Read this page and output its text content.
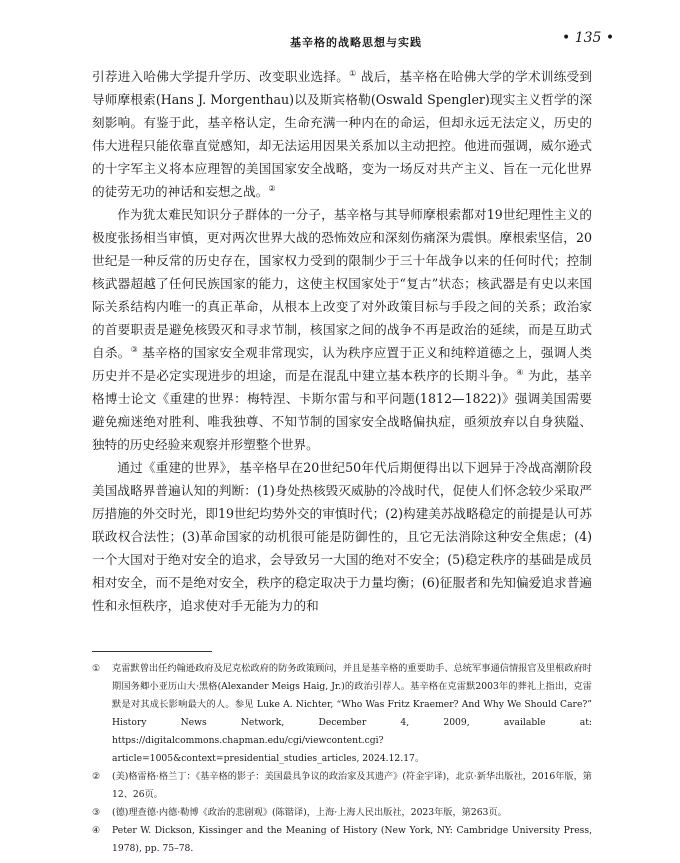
基辛格的战略思想与实践	• 135 •

引荐进入哈佛大学提升学历、改变职业选择。① 战后，基辛格在哈佛大学的学术训练受到导师摩根索(Hans J. Morgenthau)以及斯宾格勒(Oswald Spengler)现实主义哲学的深刻影响。有鉴于此，基辛格认定，生命充满一种内在的命运，但却永远无法定义，历史的伟大进程只能依靠直觉感知，却无法运用因果关系加以主动把控。他进而强调，威尔逊式的十字军主义将本应理智的美国国家安全战略，变为一场反对共产主义、旨在一元化世界的徒劳无功的神话和妄想之战。②

作为犹太难民知识分子群体的一分子，基辛格与其导师摩根索都对19世纪理性主义的极度张扬相当审慎，更对两次世界大战的恐怖效应和深刻伤痛深为震惧。摩根索坚信，20世纪是一种反常的历史存在，国家权力受到的限制少于三十年战争以来的任何时代；控制核武器超越了任何民族国家的能力，这使主权国家处于“复古”状态；核武器是有史以来国际关系结构内唯一的真正革命，从根本上改变了对外政策目标与手段之间的关系；政治家的首要职责是避免核毁灭和寻求节制，核国家之间的战争不再是政治的延续，而是互助式自杀。③ 基辛格的国家安全观非常现实，认为秩序应置于正义和纯粹道德之上，强调人类历史并不是必定实现进步的坦途，而是在混乱中建立基本秩序的长期斗争。④ 为此，基辛格博士论文《重建的世界：梅特涅、卡斯尔雷与和平问题(1812—1822)》强调美国需要避免痴迷绝对胜利、唯我独尊、不知节制的国家安全战略偏执症，亟须放弃以自身狭隘、独特的历史经验来观察并形塑整个世界。

通过《重建的世界》，基辛格早在20世纪50年代后期便得出以下迥异于冷战高潮阶段美国战略界普遍认知的判断：(1)身处热核毁灭威胁的冷战时代，促使人们怀念较少采取严厉措施的外交时光，即19世纪均势外交的审慎时代；(2)构建美苏战略稳定的前提是认可苏联政权合法性；(3)革命国家的动机很可能是防御性的，且它无法消除这种安全焦虑；(4)一个大国对于绝对安全的追求，会导致另一大国的绝对不安全；(5)稳定秩序的基础是成员相对安全，而不是绝对安全，秩序的稳定取决于力量均衡；(6)征服者和先知偏爱追求普遍性和永恒秩序，追求使对手无能为力的和

①	克雷默曾出任约翰逊政府及尼克松政府的防务政策顾问，并且是基辛格的重要助手、总统军事通信情报官及里根政府时期国务卿小亚历山大·黑格(Alexander Meigs Haig, Jr.)的政治引荐人。基辛格在克雷默2003年的葬礼上指出，克雷默是对其成长影响最大的人。参见 Luke A. Nichter, “Who Was Fritz Kraemer? And Why We Should Care?” History News Network, December 4, 2009, available at: https://digitalcommons.chapman.edu/cgi/viewcontent.cgi? article=1005&context=presidential_studies_articles, 2024.12.17。
②	(美)格雷格·格兰丁：《基辛格的影子：美国最具争议的政治家及其遗产》(符金宇译)，北京·新华出版社，2016年版，第12、26页。
③	(德)理查德·内德·勒博《政治的悲剧观》(陈锴译)，上海·上海人民出版社，2023年版，第263页。
④	Peter W. Dickson, Kissinger and the Meaning of History (New York, NY: Cambridge University Press, 1978), pp. 75–78.
